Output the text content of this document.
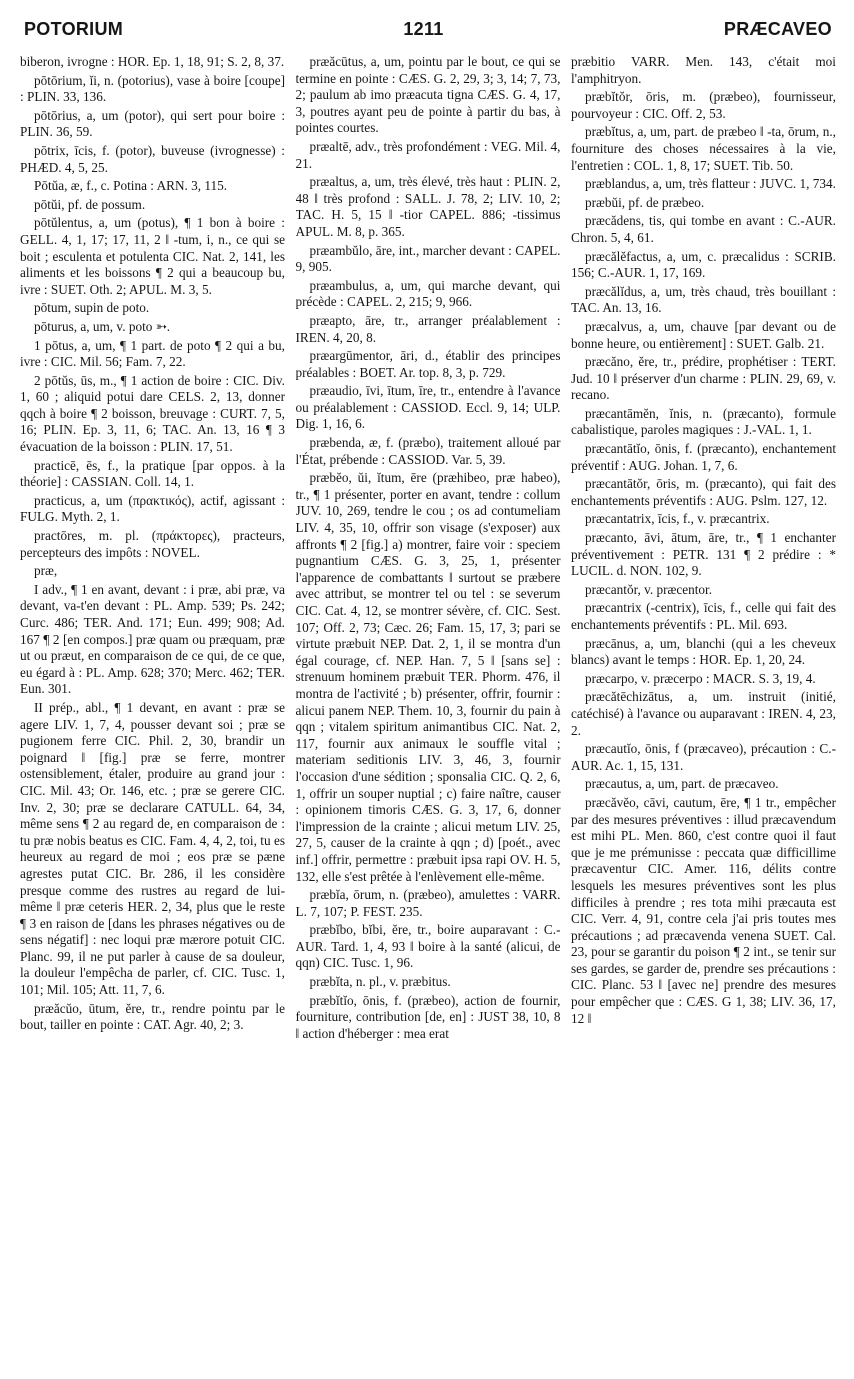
POTORIUM	1211	PRÆCAVEO

biberon, ivrogne : HOR. Ep. 1, 18, 91; S. 2, 8, 37.

pōtōrium, ĭi, n. (potorius), vase à boire [coupe] : PLIN. 33, 136.

pōtōrius, a, um (potor), qui sert pour boire : PLIN. 36, 59.

pōtrix, īcis, f. (potor), buveuse (ivrognesse) : PHÆD. 4, 5, 25.

Pōtŭa, æ, f., c. Potina : ARN. 3, 115.

pōtŭi, pf. de possum.

pōtŭlentus, a, um (potus), ¶ 1 bon à boire : GELL. 4, 1, 17; 17, 11, 2 ‖ -tum, i, n., ce qui se boit ; esculenta et potulenta CIC. Nat. 2, 141, les aliments et les boissons ¶ 2 qui a beaucoup bu, ivre : SUET. Oth. 2; APUL. M. 3, 5.

pōtum, supin de poto.

pōturus, a, um, v. poto ➳.

1 pōtus, a, um, ¶ 1 part. de poto ¶ 2 qui a bu, ivre : CIC. Mil. 56; Fam. 7, 22.

2 pōtŭs, ūs, m., ¶ 1 action de boire : CIC. Div. 1, 60 ; aliquid potui dare CELS. 2, 13, donner qqch à boire ¶ 2 boisson, breuvage : CURT. 7, 5, 16; PLIN. Ep. 3, 11, 6; TAC. An. 13, 16 ¶ 3 évacuation de la boisson : PLIN. 17, 51.

practicē, ēs, f., la pratique [par oppos. à la théorie] : CASSIAN. Coll. 14, 1.

practicus, a, um (πρακτικός), actif, agissant : FULG. Myth. 2, 1.

practōres, m. pl. (πράκτορες), practeurs, percepteurs des impôts : NOVEL.

præ,

I adv., ¶ 1 en avant, devant : i præ, abi præ, va devant, va-t'en devant : PL. Amp. 539; Ps. 242; Curc. 486; TER. And. 171; Eun. 499; 908; Ad. 167 ¶ 2 [en compos.] præ quam ou præquam, præ ut ou præut, en comparaison de ce qui, de ce que, eu égard à : PL. Amp. 628; 370; Merc. 462; TER. Eun. 301.

II prép., abl., ¶ 1 devant, en avant : præ se agere LIV. 1, 7, 4, pousser devant soi ; præ se pugionem ferre CIC. Phil. 2, 30, brandir un poignard ‖ [fig.] præ se ferre, montrer ostensiblement, étaler, produire au grand jour : CIC. Mil. 43; Or. 146, etc. ; præ se gerere CIC. Inv. 2, 30; præ se declarare CATULL. 64, 34, même sens ¶ 2 au regard de, en comparaison de : tu præ nobis beatus es CIC. Fam. 4, 4, 2, toi, tu es heureux au regard de moi ; eos præ se pæne agrestes putat CIC. Br. 286, il les considère presque comme des rustres au regard de lui-même ‖ præ ceteris HER. 2, 34, plus que le reste ¶ 3 en raison de [dans les phrases négatives ou de sens négatif] : nec loqui præ mærore potuit CIC. Planc. 99, il ne put parler à cause de sa douleur, la douleur l'empêcha de parler, cf. CIC. Tusc. 1, 101; Mil. 105; Att. 11, 7, 6.

præăcŭo, ūtum, ĕre, tr., rendre pointu par le bout, tailler en pointe : CAT. Agr. 40, 2; 3.

præăcūtus, a, um, pointu par le bout, ce qui se termine en pointe : CÆS. G. 2, 29, 3; 3, 14; 7, 73, 2; paulum ab imo præacuta tigna CÆS. G. 4, 17, 3, poutres ayant peu de pointe à partir du bas, à pointes courtes.

præaltē, adv., très profondément : VEG. Mil. 4, 21.

præaltus, a, um, très élevé, très haut : PLIN. 2, 48 ‖ très profond : SALL. J. 78, 2; LIV. 10, 2; TAC. H. 5, 15 ‖ -tior CAPEL. 886; -tissimus APUL. M. 8, p. 365.

præambŭlo, āre, int., marcher devant : CAPEL. 9, 905.

præambulus, a, um, qui marche devant, qui précède : CAPEL. 2, 215; 9, 966.

præapto, āre, tr., arranger préalablement : IREN. 4, 20, 8.

præargūmentor, āri, d., établir des principes préalables : BOET. Ar. top. 8, 3, p. 729.

præaudio, īvi, ītum, īre, tr., entendre à l'avance ou préalablement : CASSIOD. Eccl. 9, 14; ULP. Dig. 1, 16, 6.

præbenda, æ, f. (præbo), traitement alloué par l'État, prébende : CASSIOD. Var. 5, 39.

præbĕo, ŭi, ĭtum, ēre (præhibeo, præ habeo), tr., ¶ 1 présenter, porter en avant, tendre : collum JUV. 10, 269, tendre le cou ; os ad contumeliam LIV. 4, 35, 10, offrir son visage (s'exposer) aux affronts ¶ 2 [fig.] a) montrer, faire voir : speciem pugnantium CÆS. G. 3, 25, 1, présenter l'apparence de combattants ‖ surtout se præbere avec attribut, se montrer tel ou tel : se severum CIC. Cat. 4, 12, se montrer sévère, cf. CIC. Sest. 107; Off. 2, 73; Cæc. 26; Fam. 15, 17, 3; pari se virtute præbuit NEP. Dat. 2, 1, il se montra d'un égal courage, cf. NEP. Han. 7, 5 ‖ [sans se] : strenuum hominem præbuit TER. Phorm. 476, il montra de l'activité ; b) présenter, offrir, fournir : alicui panem NEP. Them. 10, 3, fournir du pain à qqn ; vitalem spiritum animantibus CIC. Nat. 2, 117, fournir aux animaux le souffle vital ; materiam seditionis LIV. 3, 46, 3, fournir l'occasion d'une sédition ; sponsalia CIC. Q. 2, 6, 1, offrir un souper nuptial ; c) faire naître, causer : opinionem timoris CÆS. G. 3, 17, 6, donner l'impression de la crainte ; alicui metum LIV. 25, 27, 5, causer de la crainte à qqn ; d) [poét., avec inf.] offrir, permettre : præbuit ipsa rapi OV. H. 5, 132, elle s'est prêtée à l'enlèvement elle-même.

præbĭa, ōrum, n. (præbeo), amulettes : VARR. L. 7, 107; P. FEST. 235.

præbĭbo, bĭbi, ĕre, tr., boire auparavant : C.-AUR. Tard. 1, 4, 93 ‖ boire à la santé (alicui, de qqn) CIC. Tusc. 1, 96.

præbĭta, n. pl., v. præbitus.

præbĭtĭo, ōnis, f. (præbeo), action de fournir, fourniture, contribution [de, en] : JUST 38, 10, 8 ‖ action d'héberger : mea erat

præbitio VARR. Men. 143, c'était moi l'amphitryon.

præbĭtŏr, ōris, m. (præbeo), fournisseur, pourvoyeur : CIC. Off. 2, 53.

præbĭtus, a, um, part. de præbeo ‖ -ta, ōrum, n., fourniture des choses nécessaires à la vie, l'entretien : COL. 1, 8, 17; SUET. Tib. 50.

præblandus, a, um, très flatteur : JUVC. 1, 734.

præbŭi, pf. de præbeo.

præcădens, tis, qui tombe en avant : C.-AUR. Chron. 5, 4, 61.

præcălĕfactus, a, um, c. præcalidus : SCRIB. 156; C.-AUR. 1, 17, 169.

præcălĭdus, a, um, très chaud, très bouillant : TAC. An. 13, 16.

præcalvus, a, um, chauve [par devant ou de bonne heure, ou entièrement] : SUET. Galb. 21.

præcăno, ĕre, tr., prédire, prophétiser : TERT. Jud. 10 ‖ préserver d'un charme : PLIN. 29, 69, v. recano.

præcantāmĕn, ĭnis, n. (præcanto), formule cabalistique, paroles magiques : J.-VAL. 1, 1.

præcantātĭo, ōnis, f. (præcanto), enchantement préventif : AUG. Johan. 1, 7, 6.

præcantātŏr, ōris, m. (præcanto), qui fait des enchantements préventifs : AUG. Pslm. 127, 12.

præcantatrix, īcis, f., v. præcantrix.

præcanto, āvi, ātum, āre, tr., ¶ 1 enchanter préventivement : PETR. 131 ¶ 2 prédire : * LUCIL. d. NON. 102, 9.

præcantŏr, v. præcentor.

præcantrix (-centrix), īcis, f., celle qui fait des enchantements préventifs : PL. Mil. 693.

præcānus, a, um, blanchi (qui a les cheveux blancs) avant le temps : HOR. Ep. 1, 20, 24.

præcarpo, v. præcerpo : MACR. S. 3, 19, 4.

præcătēchizātus, a, um. instruit (initié, catéchisé) à l'avance ou auparavant : IREN. 4, 23, 2.

præcautĭo, ōnis, f (præcaveo), précaution : C.-AUR. Ac. 1, 15, 131.

præcautus, a, um, part. de præcaveo.

præcăvĕo, cāvi, cautum, ēre, ¶ 1 tr., empêcher par des mesures préventives : illud præcavendum est mihi PL. Men. 860, c'est contre quoi il faut que je me prémunisse : peccata quæ difficillime præcaventur CIC. Amer. 116, délits contre lesquels les mesures préventives sont les plus difficiles à prendre ; res tota mihi præcauta est CIC. Verr. 4, 91, contre cela j'ai pris toutes mes précautions ; ad præcavenda venena SUET. Cal. 23, pour se garantir du poison ¶ 2 int., se tenir sur ses gardes, se garder de, prendre ses précautions : CIC. Planc. 53 ‖ [avec ne] prendre des mesures pour empêcher que : CÆS. G 1, 38; LIV. 36, 17, 12 ‖
